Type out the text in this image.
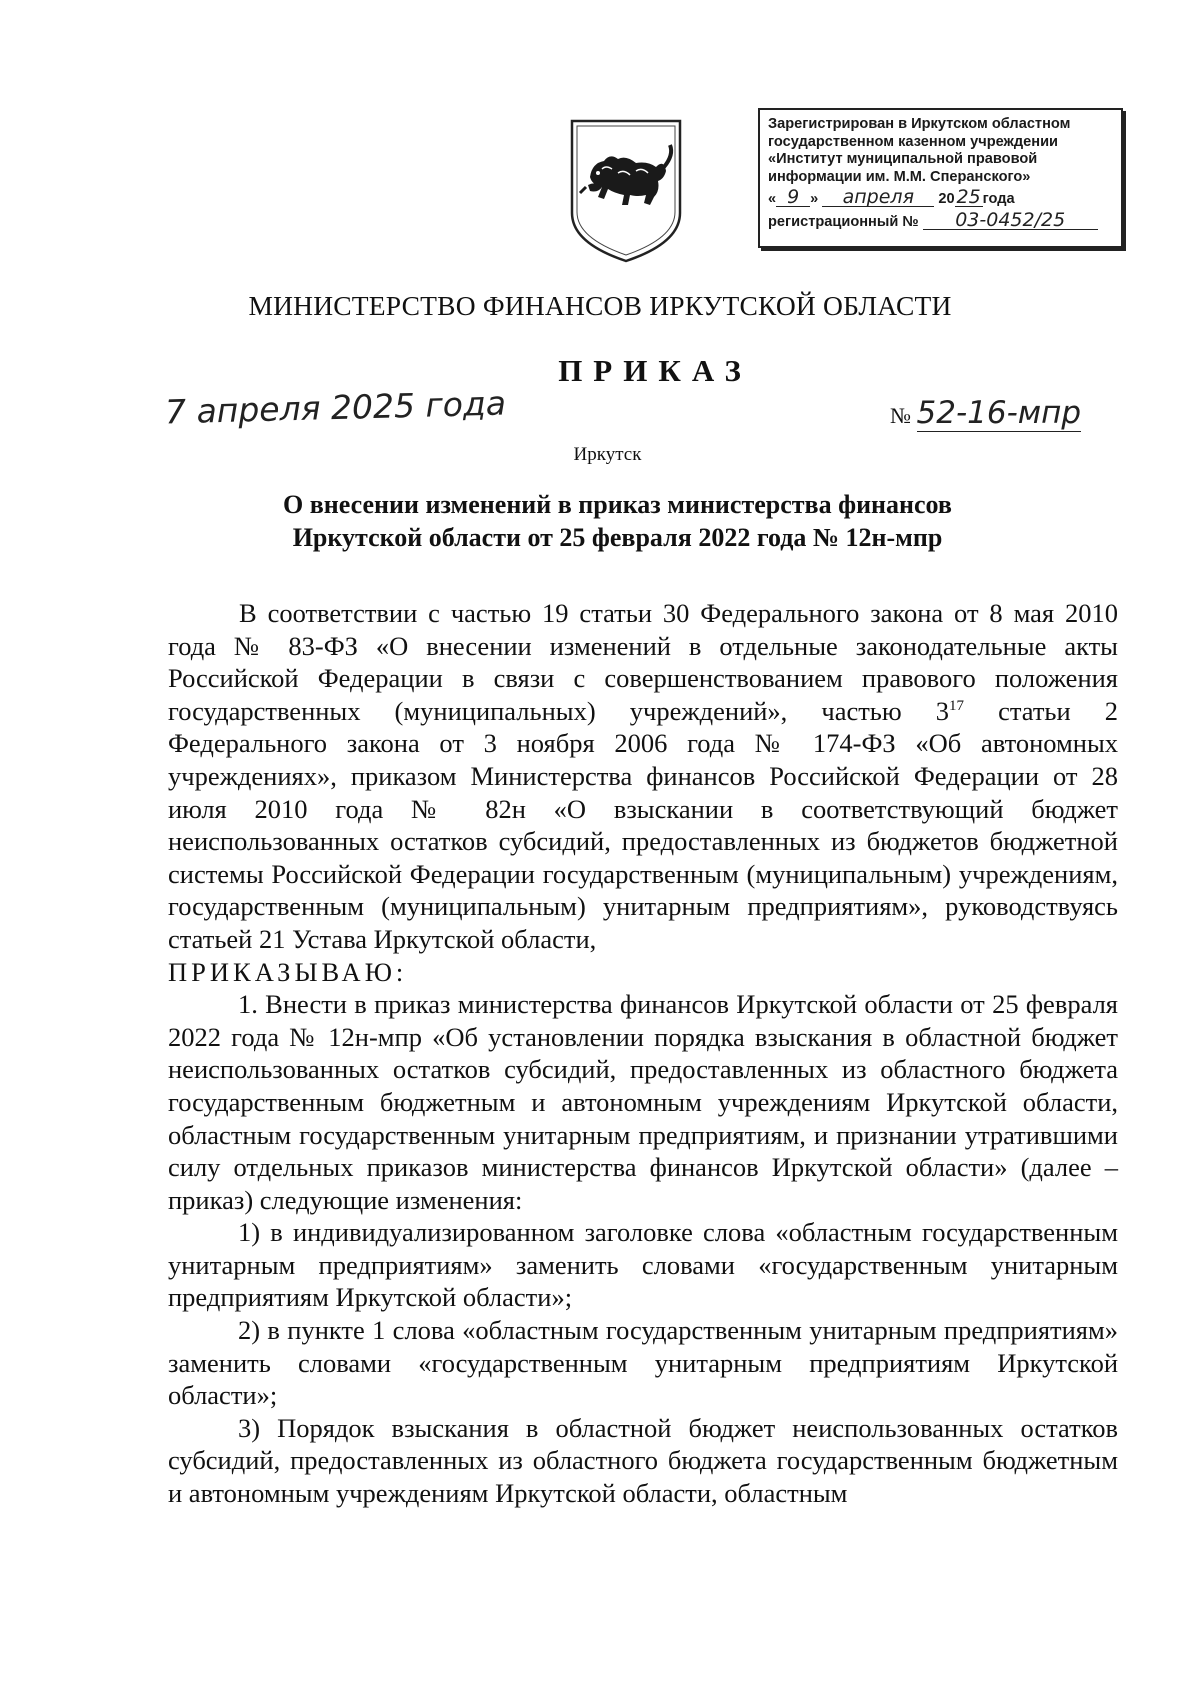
Зарегистрирован в Иркутском областном
государственном казенном учреждении
«Институт муниципальной правовой
информации им. М.М. Сперанского»
« 9 » апреля 20 25 года
регистрационный № 03-0452/25
МИНИСТЕРСТВО ФИНАНСОВ ИРКУТСКОЙ ОБЛАСТИ
ПРИКАЗ
7 апреля 2025 года	№ 52-16-мпр
Иркутск
О внесении изменений в приказ министерства финансов
Иркутской области от 25 февраля 2022 года № 12н-мпр

В соответствии с частью 19 статьи 30 Федерального закона от 8 мая 2010 года № 83-ФЗ «О внесении изменений в отдельные законодательные акты Российской Федерации в связи с совершенствованием правового положения государственных (муниципальных) учреждений», частью $3^{17}$ статьи 2 Федерального закона от 3 ноября 2006 года № 174-ФЗ «Об автономных учреждениях», приказом Министерства финансов Российской Федерации от 28 июля 2010 года № 82н «О взыскании в соответствующий бюджет неиспользованных остатков субсидий, предоставленных из бюджетов бюджетной системы Российской Федерации государственным (муниципальным) учреждениям, государственным (муниципальным) унитарным предприятиям», руководствуясь статьей 21 Устава Иркутской области,

ПРИКАЗЫВАЮ:

1. Внести в приказ министерства финансов Иркутской области от 25 февраля 2022 года № 12н-мпр «Об установлении порядка взыскания в областной бюджет неиспользованных остатков субсидий, предоставленных из областного бюджета государственным бюджетным и автономным учреждениям Иркутской области, областным государственным унитарным предприятиям, и признании утратившими силу отдельных приказов министерства финансов Иркутской области» (далее – приказ) следующие изменения:

1) в индивидуализированном заголовке слова «областным государственным унитарным предприятиям» заменить словами «государственным унитарным предприятиям Иркутской области»;

2) в пункте 1 слова «областным государственным унитарным предприятиям» заменить словами «государственным унитарным предприятиям Иркутской области»;

3) Порядок взыскания в областной бюджет неиспользованных остатков субсидий, предоставленных из областного бюджета государственным бюджетным и автономным учреждениям Иркутской области, областным
